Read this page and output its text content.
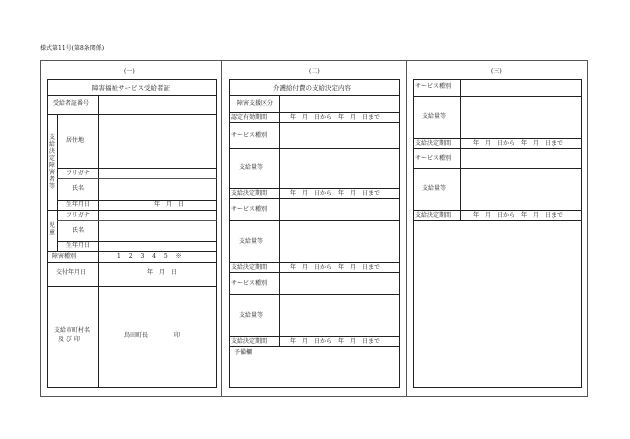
様式第11号(第8条関係)
(一)	(二)	(三)
障害福祉サービス受給者証
受給者証番号
支給決定障害者等
居住地
フリガナ
氏名
生年月日	年　月　日
児童
フリガナ
氏名
生年月日
障害種別	1　 2　 3　 4　 5　 ※
交付年月日	年　月　日
支給市町村名
及 び 印
鳥田町長	印
介護給付費の支給決定内容
障害支援区分
認定有効期間	年　月　日から　年　月　日まで
サービス種別
支給量等
支給決定期間	年　月　日から　年　月　日まで
サービス種別
支給量等
支給決定期間	年　月　日から　年　月　日まで
サービス種別
支給量等
支給決定期間	年　月　日から　年　月　日まで
予備欄
サービス種別
支給量等
支給決定期間	年　月　日から　年　月　日まで
サービス種別
支給量等
支給決定期間	年　月　日から　年　月　日まで
